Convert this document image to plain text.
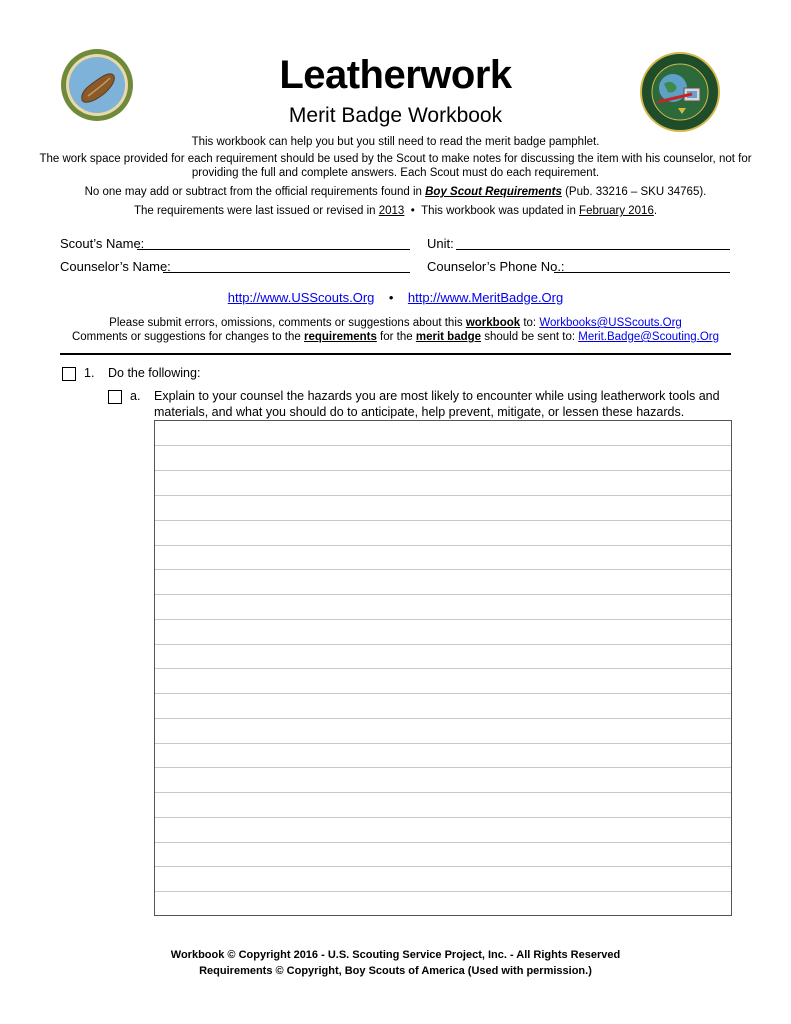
Leatherwork
Merit Badge Workbook
This workbook can help you but you still need to read the merit badge pamphlet.
The work space provided for each requirement should be used by the Scout to make notes for discussing the item with his counselor, not for
providing the full and complete answers. Each Scout must do each requirement.
No one may add or subtract from the official requirements found in Boy Scout Requirements (Pub. 33216 – SKU 34765).
The requirements were last issued or revised in 2013 • This workbook was updated in February 2016.
Scout’s Name:	Unit:
Counselor’s Name:	Counselor’s Phone No.:
http://www.USScouts.Org • http://www.MeritBadge.Org
Please submit errors, omissions, comments or suggestions about this workbook to: Workbooks@USScouts.Org
Comments or suggestions for changes to the requirements for the merit badge should be sent to: Merit.Badge@Scouting.Org
1. Do the following:
a. Explain to your counsel the hazards you are most likely to encounter while using leatherwork tools and
materials, and what you should do to anticipate, help prevent, mitigate, or lessen these hazards.
Workbook © Copyright 2016 - U.S. Scouting Service Project, Inc. - All Rights Reserved
Requirements © Copyright, Boy Scouts of America (Used with permission.)
